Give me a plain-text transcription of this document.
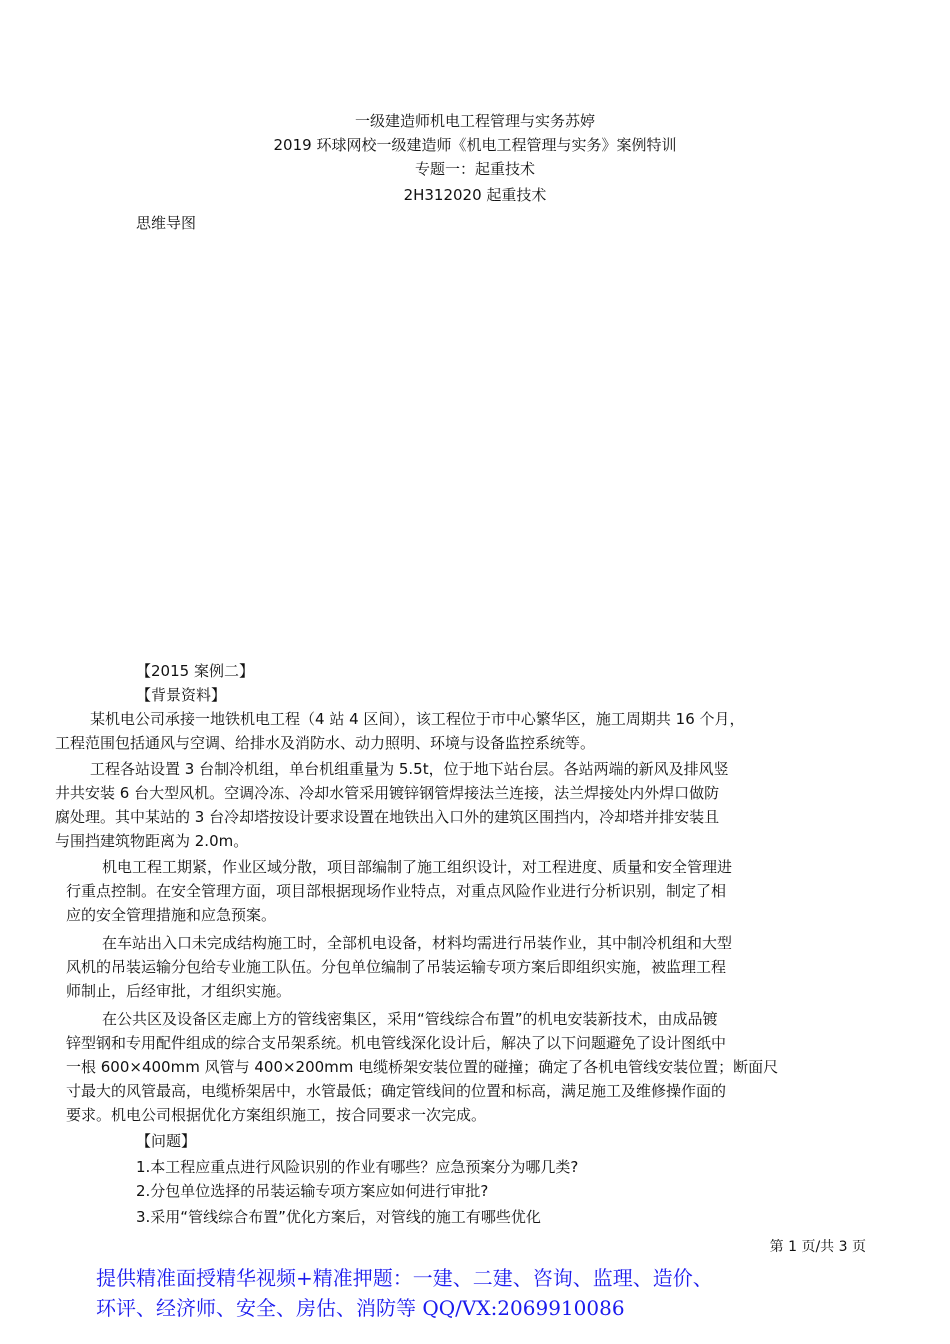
一级建造师机电工程管理与实务苏婷
2019 环球网校一级建造师《机电工程管理与实务》案例特训
专题一：起重技术
2H312020 起重技术
思维导图
【2015 案例二】
【背景资料】
某机电公司承接一地铁机电工程（4 站 4 区间），该工程位于市中心繁华区，施工周期共 16 个月，
工程范围包括通风与空调、给排水及消防水、动力照明、环境与设备监控系统等。
工程各站设置 3 台制冷机组，单台机组重量为 5.5t，位于地下站台层。各站两端的新风及排风竖
井共安装 6 台大型风机。空调冷冻、冷却水管采用镀锌钢管焊接法兰连接，法兰焊接处内外焊口做防
腐处理。其中某站的 3 台冷却塔按设计要求设置在地铁出入口外的建筑区围挡内，冷却塔并排安装且
与围挡建筑物距离为 2.0m。
机电工程工期紧，作业区域分散，项目部编制了施工组织设计，对工程进度、质量和安全管理进
行重点控制。在安全管理方面，项目部根据现场作业特点，对重点风险作业进行分析识别，制定了相
应的安全管理措施和应急预案。
在车站出入口未完成结构施工时，全部机电设备，材料均需进行吊装作业，其中制冷机组和大型
风机的吊装运输分包给专业施工队伍。分包单位编制了吊装运输专项方案后即组织实施，被监理工程
师制止，后经审批，才组织实施。
在公共区及设备区走廊上方的管线密集区，采用“管线综合布置”的机电安装新技术，由成品镀
锌型钢和专用配件组成的综合支吊架系统。机电管线深化设计后，解决了以下问题避免了设计图纸中
一根 600×400mm 风管与 400×200mm 电缆桥架安装位置的碰撞；确定了各机电管线安装位置；断面尺
寸最大的风管最高，电缆桥架居中，水管最低；确定管线间的位置和标高，满足施工及维修操作面的
要求。机电公司根据优化方案组织施工，按合同要求一次完成。
【问题】
1.本工程应重点进行风险识别的作业有哪些？应急预案分为哪几类?
2.分包单位选择的吊装运输专项方案应如何进行审批?
3.采用“管线综合布置”优化方案后，对管线的施工有哪些优化
第 1 页/共 3 页
提供精准面授精华视频+精准押题：一建、二建、咨询、监理、造价、
环评、经济师、安全、房估、消防等 QQ/VX:2069910086
